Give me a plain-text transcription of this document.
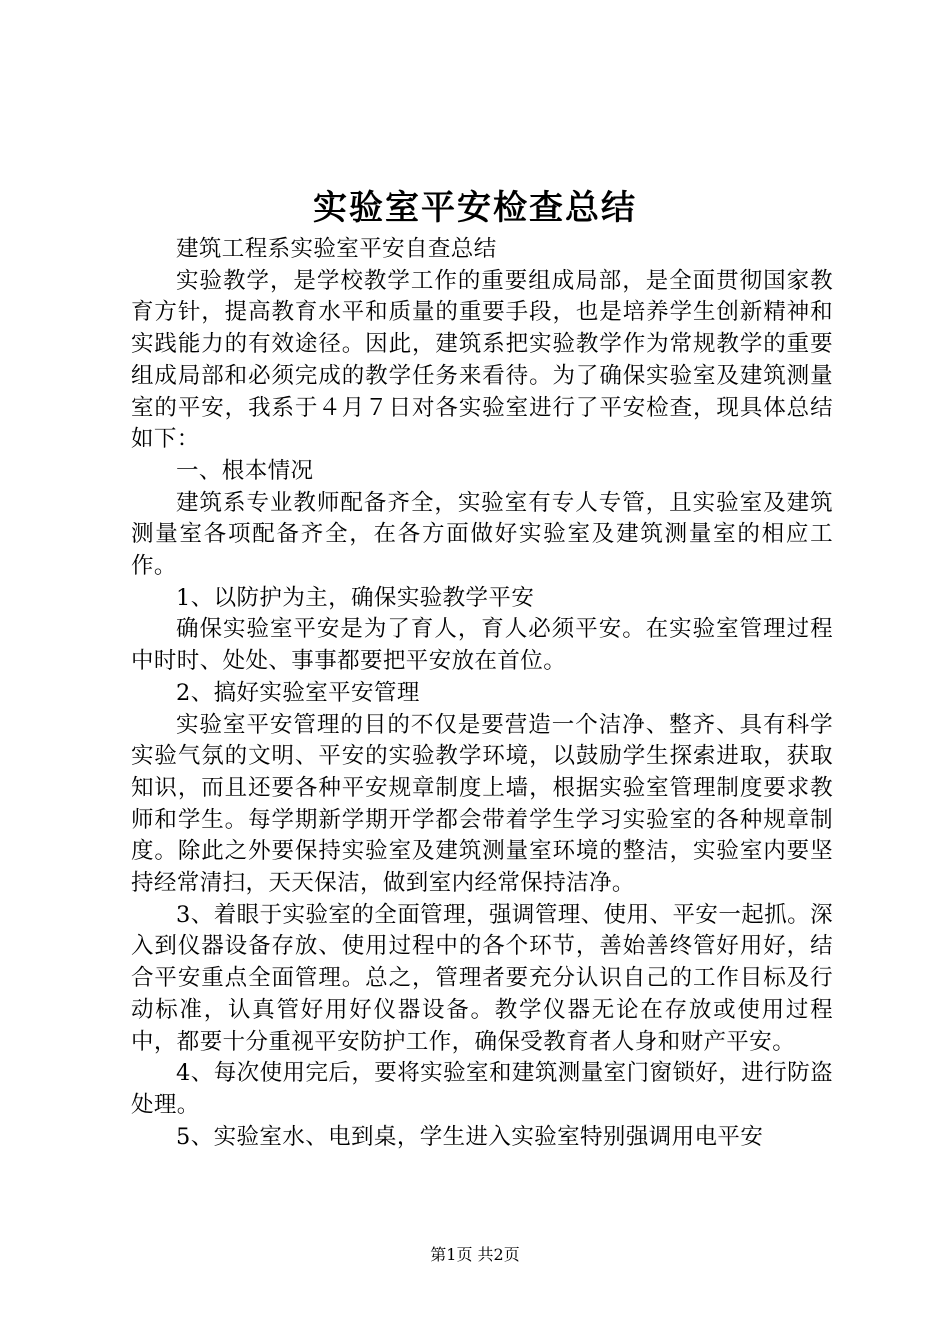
实验室平安检查总结

建筑工程系实验室平安自查总结

实验教学，是学校教学工作的重要组成局部，是全面贯彻国家教育方针，提高教育水平和质量的重要手段，也是培养学生创新精神和实践能力的有效途径。因此，建筑系把实验教学作为常规教学的重要组成局部和必须完成的教学任务来看待。为了确保实验室及建筑测量室的平安，我系于４月７日对各实验室进行了平安检查，现具体总结如下：

一、根本情况

建筑系专业教师配备齐全，实验室有专人专管，且实验室及建筑测量室各项配备齐全，在各方面做好实验室及建筑测量室的相应工作。

1、以防护为主，确保实验教学平安

确保实验室平安是为了育人，育人必须平安。在实验室管理过程中时时、处处、事事都要把平安放在首位。

2、搞好实验室平安管理

实验室平安管理的目的不仅是要营造一个洁净、整齐、具有科学实验气氛的文明、平安的实验教学环境，以鼓励学生探索进取，获取知识，而且还要各种平安规章制度上墙，根据实验室管理制度要求教师和学生。每学期新学期开学都会带着学生学习实验室的各种规章制度。除此之外要保持实验室及建筑测量室环境的整洁，实验室内要坚持经常清扫，天天保洁，做到室内经常保持洁净。

3、着眼于实验室的全面管理，强调管理、使用、平安一起抓。深入到仪器设备存放、使用过程中的各个环节，善始善终管好用好，结合平安重点全面管理。总之，管理者要充分认识自己的工作目标及行动标准，认真管好用好仪器设备。教学仪器无论在存放或使用过程中，都要十分重视平安防护工作，确保受教育者人身和财产平安。

4、每次使用完后，要将实验室和建筑测量室门窗锁好，进行防盗处理。

5、实验室水、电到桌，学生进入实验室特别强调用电平安

第1页 共2页
